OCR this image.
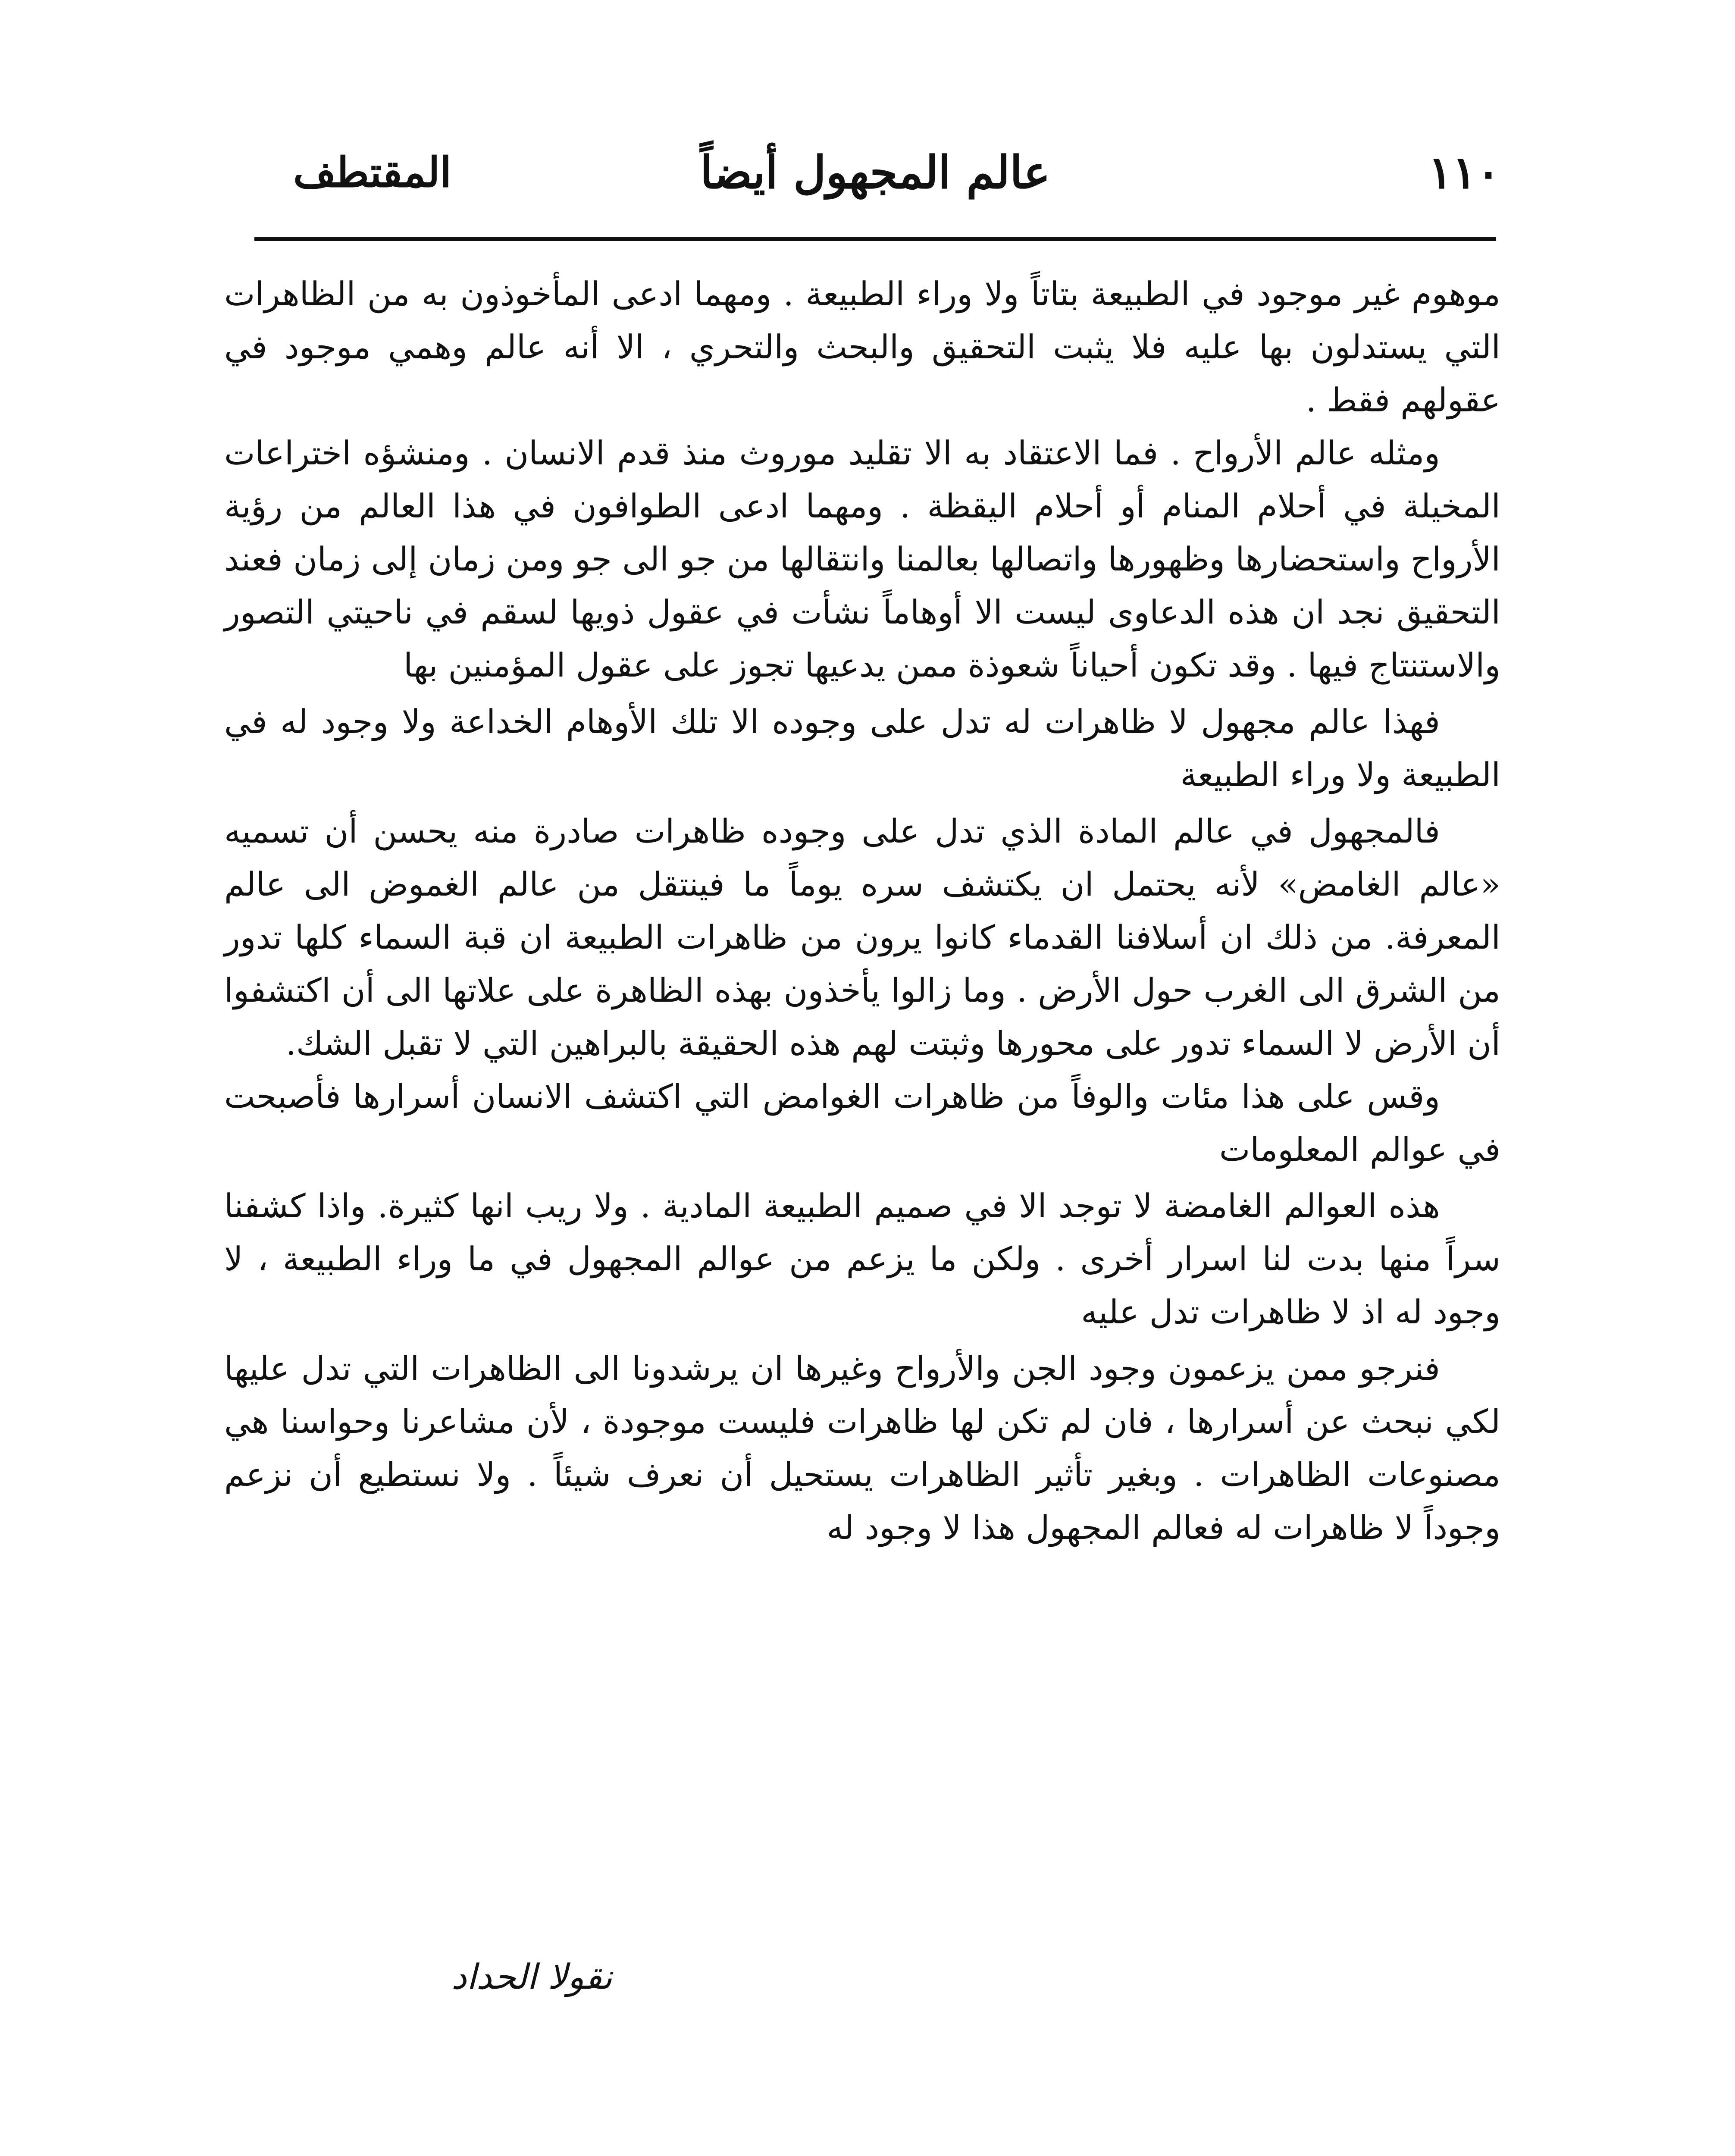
١١٠
عالم المجهول أيضاً
المقتطف

موهوم غير موجود في الطبيعة بتاتاً ولا وراء الطبيعة . ومهما ادعى المأخوذون به من الظاهرات التي يستدلون بها عليه فلا يثبت التحقيق والبحث والتحري ، الا أنه عالم وهمي موجود في عقولهم فقط .

ومثله عالم الأرواح . فما الاعتقاد به الا تقليد موروث منذ قدم الانسان . ومنشؤه اختراعات المخيلة في أحلام المنام أو أحلام اليقظة . ومهما ادعى الطوافون في هذا العالم من رؤية الأرواح واستحضارها وظهورها واتصالها بعالمنا وانتقالها من جو الى جو ومن زمان إلى زمان فعند التحقيق نجد ان هذه الدعاوى ليست الا أوهاماً نشأت في عقول ذويها لسقم في ناحيتي التصور والاستنتاج فيها . وقد تكون أحياناً شعوذة ممن يدعيها تجوز على عقول المؤمنين بها

فهذا عالم مجهول لا ظاهرات له تدل على وجوده الا تلك الأوهام الخداعة ولا وجود له في الطبيعة ولا وراء الطبيعة

فالمجهول في عالم المادة الذي تدل على وجوده ظاهرات صادرة منه يحسن أن تسميه «عالم الغامض» لأنه يحتمل ان يكتشف سره يوماً ما فينتقل من عالم الغموض الى عالم المعرفة. من ذلك ان أسلافنا القدماء كانوا يرون من ظاهرات الطبيعة ان قبة السماء كلها تدور من الشرق الى الغرب حول الأرض . وما زالوا يأخذون بهذه الظاهرة على علاتها الى أن اكتشفوا أن الأرض لا السماء تدور على محورها وثبتت لهم هذه الحقيقة بالبراهين التي لا تقبل الشك.

وقس على هذا مئات والوفاً من ظاهرات الغوامض التي اكتشف الانسان أسرارها فأصبحت في عوالم المعلومات

هذه العوالم الغامضة لا توجد الا في صميم الطبيعة المادية . ولا ريب انها كثيرة. واذا كشفنا سراً منها بدت لنا اسرار أخرى . ولكن ما يزعم من عوالم المجهول في ما وراء الطبيعة ، لا وجود له اذ لا ظاهرات تدل عليه

فنرجو ممن يزعمون وجود الجن والأرواح وغيرها ان يرشدونا الى الظاهرات التي تدل عليها لكي نبحث عن أسرارها ، فان لم تكن لها ظاهرات فليست موجودة ، لأن مشاعرنا وحواسنا هي مصنوعات الظاهرات . وبغير تأثير الظاهرات يستحيل أن نعرف شيئاً . ولا نستطيع أن نزعم وجوداً لا ظاهرات له فعالم المجهول هذا لا وجود له

نقولا الحداد
